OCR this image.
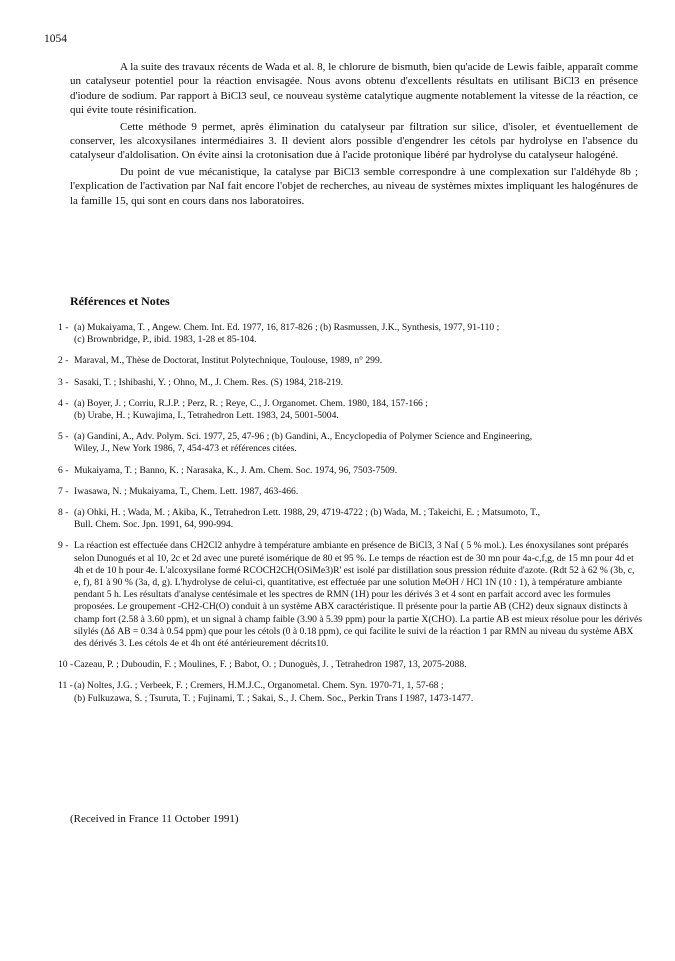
1054

A la suite des travaux récents de Wada et al. 8, le chlorure de bismuth, bien qu'acide de Lewis faible, apparaît comme un catalyseur potentiel pour la réaction envisagée. Nous avons obtenu d'excellents résultats en utilisant BiCl3 en présence d'iodure de sodium. Par rapport à BiCl3 seul, ce nouveau système catalytique augmente notablement la vitesse de la réaction, ce qui évite toute résinification.

Cette méthode 9 permet, après élimination du catalyseur par filtration sur silice, d'isoler, et éventuellement de conserver, les alcoxysilanes intermédiaires 3. Il devient alors possible d'engendrer les cétols par hydrolyse en l'absence du catalyseur d'aldolisation. On évite ainsi la crotonisation due à l'acide protonique libéré par hydrolyse du catalyseur halogéné.

Du point de vue mécanistique, la catalyse par BiCl3 semble correspondre à une complexation sur l'aldéhyde 8b ; l'explication de l'activation par NaI fait encore l'objet de recherches, au niveau de systèmes mixtes impliquant les halogénures de la famille 15, qui sont en cours dans nos laboratoires.

Références et Notes
1 - (a) Mukaiyama, T. , Angew. Chem. Int. Ed. 1977, 16, 817-826 ; (b) Rasmussen, J.K., Synthesis, 1977, 91-110 ;
(c) Brownbridge, P., ibid. 1983, 1-28 et 85-104.
2 - Maraval, M., Thèse de Doctorat, Institut Polytechnique, Toulouse, 1989, n° 299.
3 - Sasaki, T. ; Ishibashi, Y. ; Ohno, M., J. Chem. Res. (S) 1984, 218-219.
4 - (a) Boyer, J. ; Corriu, R.J.P. ; Perz, R. ; Reye, C., J. Organomet. Chem. 1980, 184, 157-166 ;
(b) Urabe, H. ; Kuwajima, I., Tetrahedron Lett. 1983, 24, 5001-5004.
5 - (a) Gandini, A., Adv. Polym. Sci. 1977, 25, 47-96 ; (b) Gandini, A., Encyclopedia of Polymer Science and Engineering,
Wiley, J., New York 1986, 7, 454-473 et références citées.
6 - Mukaiyama, T. ; Banno, K. ; Narasaka, K., J. Am. Chem. Soc. 1974, 96, 7503-7509.
7 - Iwasawa, N. ; Mukaiyama, T., Chem. Lett. 1987, 463-466.
8 - (a) Ohki, H. ; Wada, M. ; Akiba, K., Tetrahedron Lett. 1988, 29, 4719-4722 ; (b) Wada, M. ; Takeichi, E. ; Matsumoto, T.,
Bull. Chem. Soc. Jpn. 1991, 64, 990-994.
9 - La réaction est effectuée dans CH2Cl2 anhydre à température ambiante en présence de BiCl3, 3 NaI ( 5 % mol.). Les énoxysilanes sont préparés selon Dunogués et al 10, 2c et 2d avec une pureté isomérique de 80 et 95 %. Le temps de réaction est de 30 mn pour 4a-c,f,g, de 15 mn pour 4d et 4h et de 10 h pour 4e. L'alcoxysilane formé RCOCH2CH(OSiMe3)R' est isolé par distillation sous pression réduite d'azote. (Rdt 52 à 62 % (3b, c, e, f), 81 à 90 % (3a, d, g). L'hydrolyse de celui-ci, quantitative, est effectuée par une solution MeOH / HCl 1N (10 : 1), à température ambiante pendant 5 h. Les résultats d'analyse centésimale et les spectres de RMN (1H) pour les dérivés 3 et 4 sont en parfait accord avec les formules proposées. Le groupement -CH2-CH(O) conduit à un système ABX caractéristique. Il présente pour la partie AB (CH2) deux signaux distincts à champ fort (2.58 à 3.60 ppm), et un signal à champ faible (3.90 à 5.39 ppm) pour la partie X(CHO). La partie AB est mieux résolue pour les dérivés silylés (Δδ AB = 0.34 à 0.54 ppm) que pour les cétols (0 à 0.18 ppm), ce qui facilite le suivi de la réaction 1 par RMN au niveau du système ABX des dérivés 3. Les cétols 4e et 4h ont été antérieurement décrits10.
10 - Cazeau, P. ; Duboudin, F. ; Moulines, F. ; Babot, O. ; Dunoguès, J. , Tetrahedron 1987, 13, 2075-2088.
11 - (a) Noltes, J.G. ; Verbeek, F. ; Cremers, H.M.J.C., Organometal. Chem. Syn. 1970-71, 1, 57-68 ;
(b) Fulkuzawa, S. ; Tsuruta, T. ; Fujinami, T. ; Sakai, S., J. Chem. Soc., Perkin Trans I 1987, 1473-1477.
(Received in France 11 October 1991)
